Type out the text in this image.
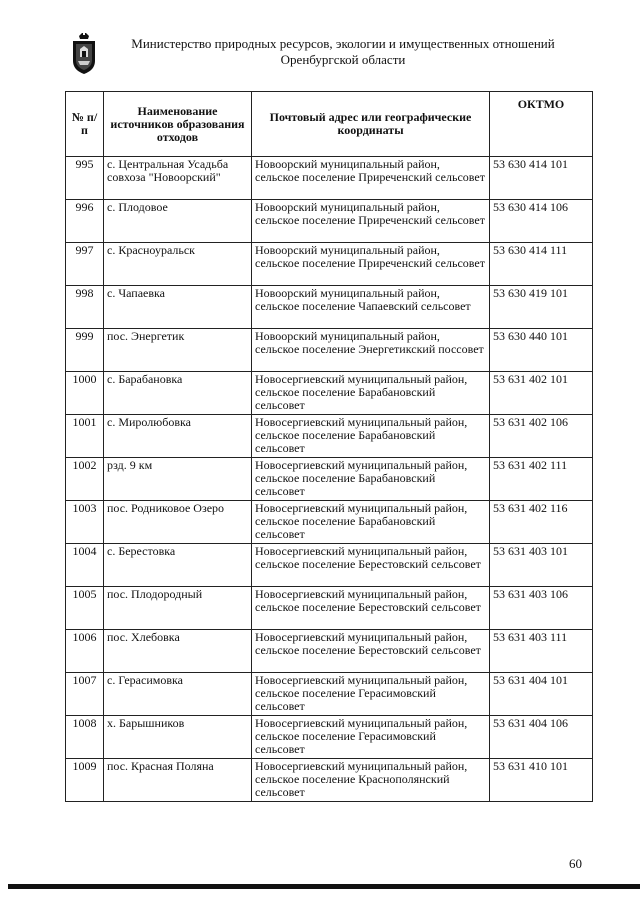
Министерство природных ресурсов, экологии и имущественных отношений
Оренбургской области
№ п/п	Наименование источников образования отходов	Почтовый адрес или географические координаты	ОКТМО
995	с. Центральная Усадьба совхоза "Новоорский"	Новоорский муниципальный район, сельское поселение Приреченский сельсовет	53 630 414 101
996	с. Плодовое	Новоорский муниципальный район, сельское поселение Приреченский сельсовет	53 630 414 106
997	с. Красноуральск	Новоорский муниципальный район, сельское поселение Приреченский сельсовет	53 630 414 111
998	с. Чапаевка	Новоорский муниципальный район, сельское поселение Чапаевский сельсовет	53 630 419 101
999	пос. Энергетик	Новоорский муниципальный район, сельское поселение Энергетикский поссовет	53 630 440 101
1000	с. Барабановка	Новосергиевский муниципальный район, сельское поселение Барабановский сельсовет	53 631 402 101
1001	с. Миролюбовка	Новосергиевский муниципальный район, сельское поселение Барабановский сельсовет	53 631 402 106
1002	рзд. 9 км	Новосергиевский муниципальный район, сельское поселение Барабановский сельсовет	53 631 402 111
1003	пос. Родниковое Озеро	Новосергиевский муниципальный район, сельское поселение Барабановский сельсовет	53 631 402 116
1004	с. Берестовка	Новосергиевский муниципальный район, сельское поселение Берестовский сельсовет	53 631 403 101
1005	пос. Плодородный	Новосергиевский муниципальный район, сельское поселение Берестовский сельсовет	53 631 403 106
1006	пос. Хлебовка	Новосергиевский муниципальный район, сельское поселение Берестовский сельсовет	53 631 403 111
1007	с. Герасимовка	Новосергиевский муниципальный район, сельское поселение Герасимовский сельсовет	53 631 404 101
1008	х. Барышников	Новосергиевский муниципальный район, сельское поселение Герасимовский сельсовет	53 631 404 106
1009	пос. Красная Поляна	Новосергиевский муниципальный район, сельское поселение Краснополянский сельсовет	53 631 410 101
60
